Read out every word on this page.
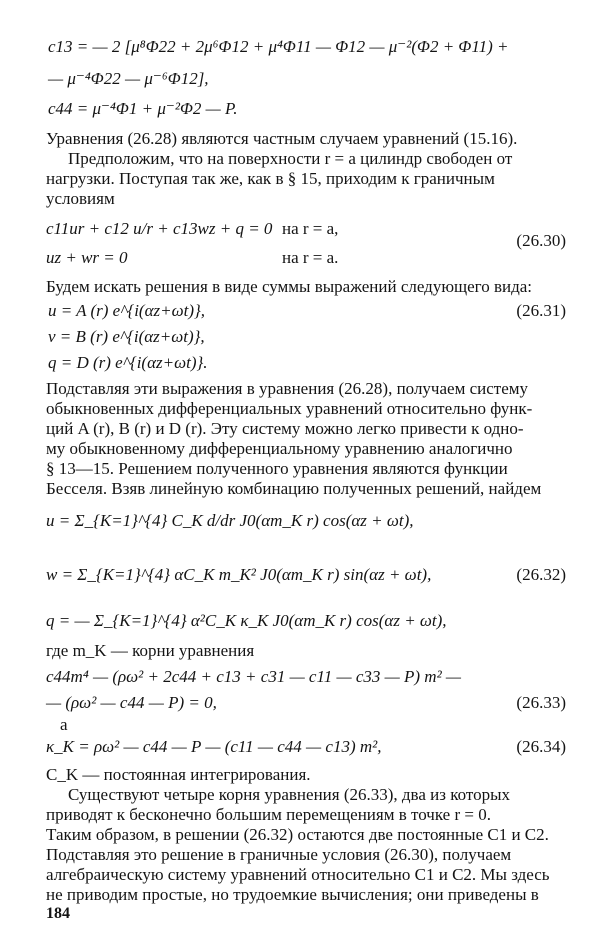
c13 = — 2 [μ⁸Φ22 + 2μ⁶Φ12 + μ⁴Φ11 — Φ12 — μ⁻²(Φ2 + Φ11) +
— μ⁻⁴Φ22 — μ⁻⁶Φ12],
c44 = μ⁻⁴Φ1 + μ⁻²Φ2 — P.
Уравнения (26.28) являются частным случаем уравнений (15.16).
Предположим, что на поверхности r = a цилиндр свободен от
нагрузки. Поступая так же, как в § 15, приходим к граничным
условиям
c11ur + c12 u/r + c13wz + q = 0 на r = a,
uz + wr = 0	на r = a.
(26.30)
Будем искать решения в виде суммы выражений следующего вида:
u = A (r) e^{i(αz+ωt)},	(26.31)
v = B (r) e^{i(αz+ωt)},
q = D (r) e^{i(αz+ωt)}.
Подставляя эти выражения в уравнения (26.28), получаем систему
обыкновенных дифференциальных уравнений относительно функ-
ций A (r), B (r) и D (r). Эту систему можно легко привести к одно-
му обыкновенному дифференциальному уравнению аналогично
§ 13—15. Решением полученного уравнения являются функции
Бесселя. Взяв линейную комбинацию полученных решений, найдем
u = Σ_{K=1}^{4} C_K d/dr J0(αm_K r) cos(αz + ωt),
w = Σ_{K=1}^{4} αC_K m_K² J0(αm_K r) sin(αz + ωt),	(26.32)
q = — Σ_{K=1}^{4} α²C_K κ_K J0(αm_K r) cos(αz + ωt),
где m_K — корни уравнения
c44m⁴ — (ρω² + 2c44 + c13 + c31 — c11 — c33 — P) m² —
— (ρω² — c44 — P) = 0,	(26.33)
а
κ_K = ρω² — c44 — P — (c11 — c44 — c13) m²,	(26.34)
C_K — постоянная интегрирования.
Существуют четыре корня уравнения (26.33), два из которых
приводят к бесконечно большим перемещениям в точке r = 0.
Таким образом, в решении (26.32) остаются две постоянные C1 и C2.
Подставляя это решение в граничные условия (26.30), получаем
алгебраическую систему уравнений относительно C1 и C2. Мы здесь
не приводим простые, но трудоемкие вычисления; они приведены в
184
